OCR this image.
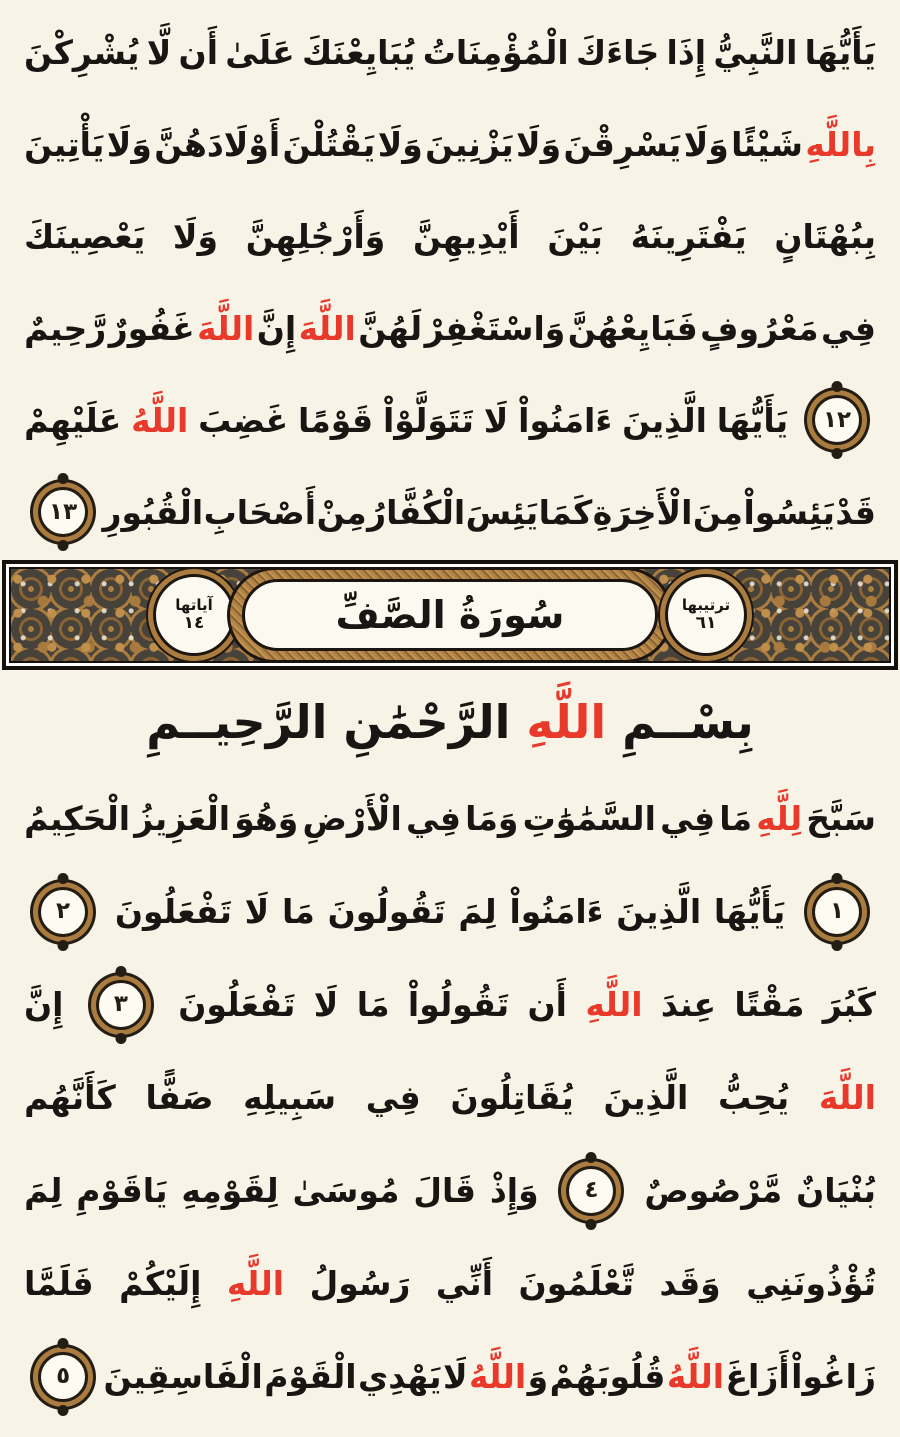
يَأَيُّهَا
النَّبِيُّ
إِذَا
جَاءَكَ
الْمُؤْمِنَاتُ
يُبَايِعْنَكَ
عَلَىٰ
أَن
لَّا
يُشْرِكْنَ
بِاللَّهِ
شَيْئًا
وَلَا
يَسْرِقْنَ
وَلَا
يَزْنِينَ
وَلَا
يَقْتُلْنَ
أَوْلَادَهُنَّ
وَلَا
يَأْتِينَ
بِبُهْتَانٍ
يَفْتَرِينَهُ
بَيْنَ
أَيْدِيهِنَّ
وَأَرْجُلِهِنَّ
وَلَا
يَعْصِينَكَ
فِي
مَعْرُوفٍ
فَبَايِعْهُنَّ
وَاسْتَغْفِرْ
لَهُنَّ
اللَّهَ
إِنَّ
اللَّهَ
غَفُورٌ
رَّحِيمٌ
١٢
يَأَيُّهَا
الَّذِينَ
ءَامَنُواْ
لَا
تَتَوَلَّوْاْ
قَوْمًا
غَضِبَ
اللَّهُ
عَلَيْهِمْ
قَدْ
يَئِسُواْ
مِنَ
الْأَخِرَةِ
كَمَا
يَئِسَ
الْكُفَّارُ
مِنْ
أَصْحَابِ
الْقُبُورِ
١٣
آياتها
١٤	سُورَةُ الصَّفِّ	ترتيبها
٦١
بِسْــمِ
اللَّهِ
الرَّحْمَٰنِ
الرَّحِيــمِ
سَبَّحَ
لِلَّهِ
مَا
فِي
السَّمَٰوَٰتِ
وَمَا
فِي
الْأَرْضِ
وَهُوَ
الْعَزِيزُ
الْحَكِيمُ
١
يَأَيُّهَا
الَّذِينَ
ءَامَنُواْ
لِمَ
تَقُولُونَ
مَا
لَا
تَفْعَلُونَ
٢
كَبُرَ
مَقْتًا
عِندَ
اللَّهِ
أَن
تَقُولُواْ
مَا
لَا
تَفْعَلُونَ
٣
إِنَّ
اللَّهَ
يُحِبُّ
الَّذِينَ
يُقَاتِلُونَ
فِي
سَبِيلِهِ
صَفًّا
كَأَنَّهُم
بُنْيَانٌ
مَّرْصُوصٌ
٤
وَإِذْ
قَالَ
مُوسَىٰ
لِقَوْمِهِ
يَاقَوْمِ
لِمَ
تُؤْذُونَنِي
وَقَد
تَّعْلَمُونَ
أَنِّي
رَسُولُ
اللَّهِ
إِلَيْكُمْ
فَلَمَّا
زَاغُواْ
أَزَاغَ
اللَّهُ
قُلُوبَهُمْ
وَ
اللَّهُ
لَا
يَهْدِي
الْقَوْمَ
الْفَاسِقِينَ
٥
